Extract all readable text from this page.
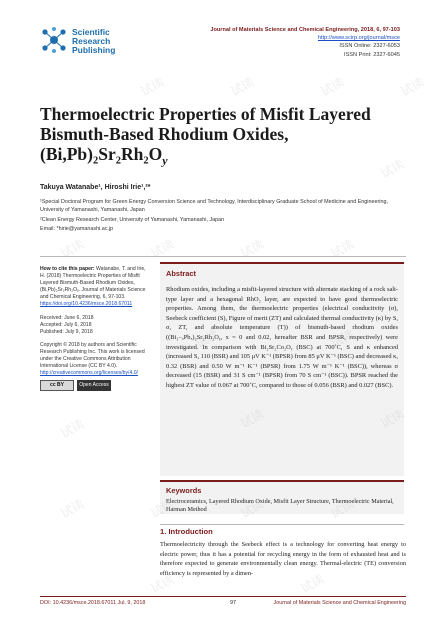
Scientific
Research
Publishing
Journal of Materials Science and Chemical Engineering, 2018, 6, 97-103
http://www.scirp.org/journal/msce
ISSN Online: 2327-6053
ISSN Print: 2327-6045
Thermoelectric Properties of Misfit Layered
Bismuth-Based Rhodium Oxides,
$(Bi,Pb)_2Sr_2Rh_2O_y$
Takuya Watanabe¹, Hiroshi Irie¹,²*
¹Special Doctoral Program for Green Energy Conversion Science and Technology, Interdisciplinary Graduate School of Medicine and Engineering, University of Yamanashi, Yamanashi, Japan
²Clean Energy Research Center, University of Yamanashi, Yamanashi, Japan
Email: *hirie@yamanashi.ac.jp
How to cite this paper: Watanabe, T. and Irie, H. (2018) Thermoelectric Properties of Misfit Layered Bismuth-Based Rhodium Oxides, (Bi,Pb)₂Sr₂Rh₂Oᵧ. Journal of Materials Science and Chemical Engineering, 6, 97-103.
https://doi.org/10.4236/msce.2018.67011
Received: June 6, 2018
Accepted: July 6, 2018
Published: July 9, 2018
Copyright © 2018 by authors and Scientific Research Publishing Inc. This work is licensed under the Creative Commons Attribution International License (CC BY 4.0).
http://creativecommons.org/licenses/by/4.0/
cc BY	Open Access
Abstract

Rhodium oxides, including a misfit-layered structure with alternate stacking of a rock salt-type layer and a hexagonal RhO₂ layer, are expected to have good thermoelectric properties. Among them, the thermoelectric properties (electrical conductivity (σ), Seebeck coefficient (S), Figure of merit (ZT) and calculated thermal conductivity (κ) by S, σ, ZT, and absolute temperature (T)) of bismuth-based rhodium oxides ((Bi₁₋ₓPbₓ)₂Sr₂Rh₂Oᵧ, x = 0 and 0.02, hereafter BSR and BPSR, respectively) were investigated. In comparison with Bi₂Sr₂Co₂Oᵧ (BSC) at 700˚C, S and κ enhanced (increased S, 110 (BSR) and 105 μV K⁻¹ (BPSR) from 85 μV K⁻¹ (BSC) and decreased κ, 0.32 (BSR) and 0.50 W m⁻¹ K⁻¹ (BPSR) from 1.75 W m⁻¹ K⁻¹ (BSC)), whereas σ decreased (15 (BSR) and 31 S cm⁻¹ (BPSR) from 70 S cm⁻¹ (BSC)). BPSR reached the highest ZT value of 0.067 at 700˚C, compared to those of 0.056 (BSR) and 0.027 (BSC).

Keywords

Electroceramics, Layered Rhodium Oxide, Misfit Layer Structure, Thermoelectric Material, Harman Method

1. Introduction
Thermoelectricity through the Seebeck effect is a technology for converting heat energy to electric power, thus it has a potential for recycling energy in the form of exhausted heat and is therefore expected to generate environmentally clean energy. Thermal-electric (TE) conversion efficiency is represented by a dimen-
DOI: 10.4236/msce.2018.67011 Jul. 9, 2018	97	Journal of Materials Science and Chemical Engineering
试读	试读	试读	试读
试读
试读	试读	试读	试读
试读	试读
试读	试读	试读
试读	试读	试读	试读
试读	试读
